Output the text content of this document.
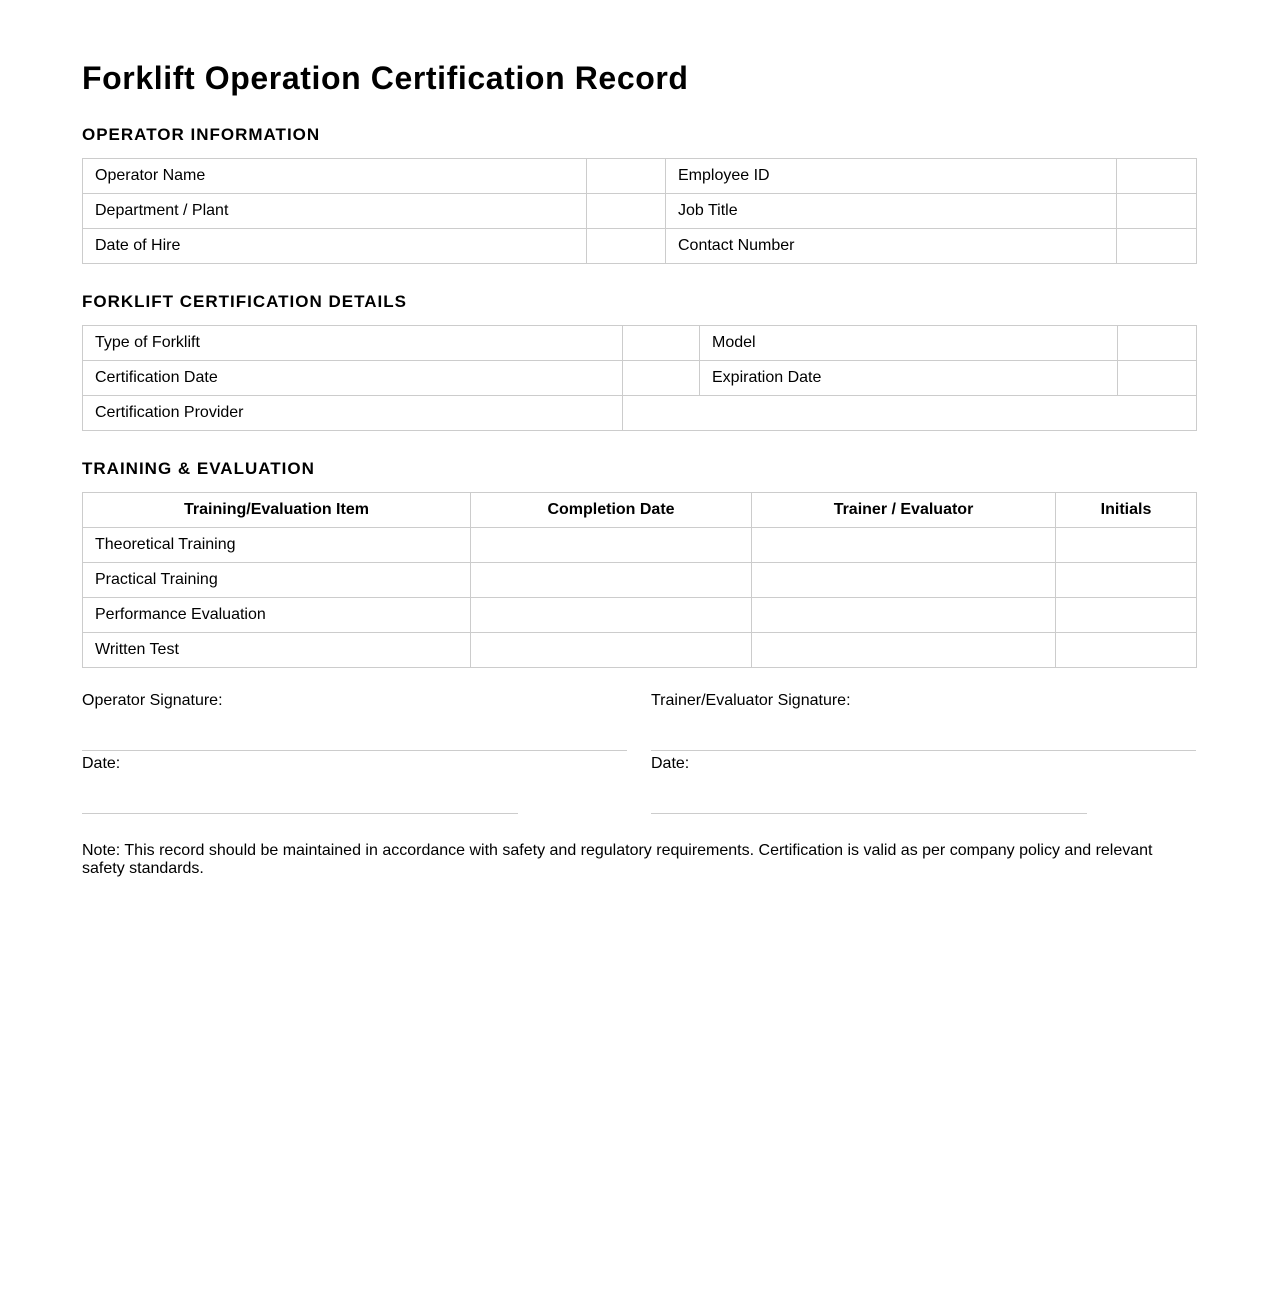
Forklift Operation Certification Record
OPERATOR INFORMATION
Operator Name		Employee ID	
Department / Plant		Job Title	
Date of Hire		Contact Number	
FORKLIFT CERTIFICATION DETAILS
Type of Forklift		Model	
Certification Date		Expiration Date	
Certification Provider			
TRAINING & EVALUATION
Training/Evaluation Item	Completion Date	Trainer / Evaluator	Initials
Theoretical Training			
Practical Training			
Performance Evaluation			
Written Test			
Operator Signature:
Date:
Trainer/Evaluator Signature:
Date:
Note: This record should be maintained in accordance with safety and regulatory requirements. Certification is valid as per company policy and relevant safety standards.
